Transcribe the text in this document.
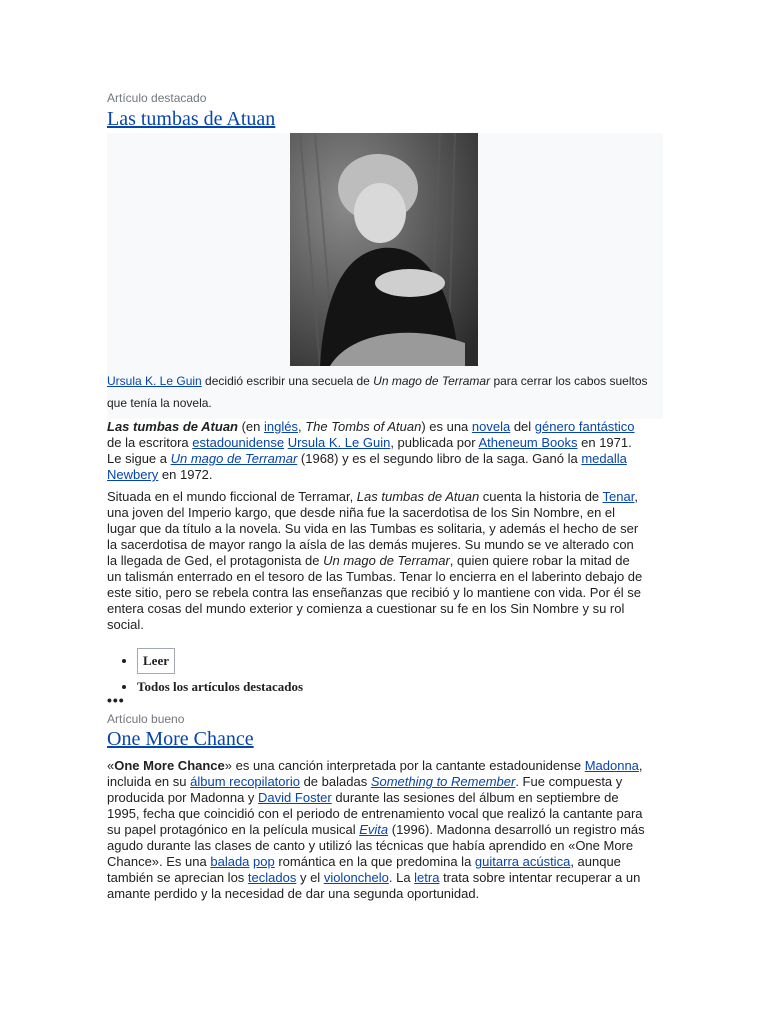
Artículo destacado
Las tumbas de Atuan
Ursula K. Le Guin decidió escribir una secuela de Un mago de Terramar para cerrar los cabos sueltos que tenía la novela.
Las tumbas de Atuan (en inglés, The Tombs of Atuan) es una novela del género fantástico de la escritora estadounidense Ursula K. Le Guin, publicada por Atheneum Books en 1971. Le sigue a Un mago de Terramar (1968) y es el segundo libro de la saga. Ganó la medalla Newbery en 1972.
Situada en el mundo ficcional de Terramar, Las tumbas de Atuan cuenta la historia de Tenar, una joven del Imperio kargo, que desde niña fue la sacerdotisa de los Sin Nombre, en el lugar que da título a la novela. Su vida en las Tumbas es solitaria, y además el hecho de ser la sacerdotisa de mayor rango la aísla de las demás mujeres. Su mundo se ve alterado con la llegada de Ged, el protagonista de Un mago de Terramar, quien quiere robar la mitad de un talismán enterrado en el tesoro de las Tumbas. Tenar lo encierra en el laberinto debajo de este sitio, pero se rebela contra las enseñanzas que recibió y lo mantiene con vida. Por él se entera cosas del mundo exterior y comienza a cuestionar su fe en los Sin Nombre y su rol social.
• Leer
• Todos los artículos destacados
•••
Artículo bueno
One More Chance
«One More Chance» es una canción interpretada por la cantante estadounidense Madonna, incluida en su álbum recopilatorio de baladas Something to Remember. Fue compuesta y producida por Madonna y David Foster durante las sesiones del álbum en septiembre de 1995, fecha que coincidió con el periodo de entrenamiento vocal que realizó la cantante para su papel protagónico en la película musical Evita (1996). Madonna desarrolló un registro más agudo durante las clases de canto y utilizó las técnicas que había aprendido en «One More Chance». Es una balada pop romántica en la que predomina la guitarra acústica, aunque también se aprecian los teclados y el violonchelo. La letra trata sobre intentar recuperar a un amante perdido y la necesidad de dar una segunda oportunidad.
